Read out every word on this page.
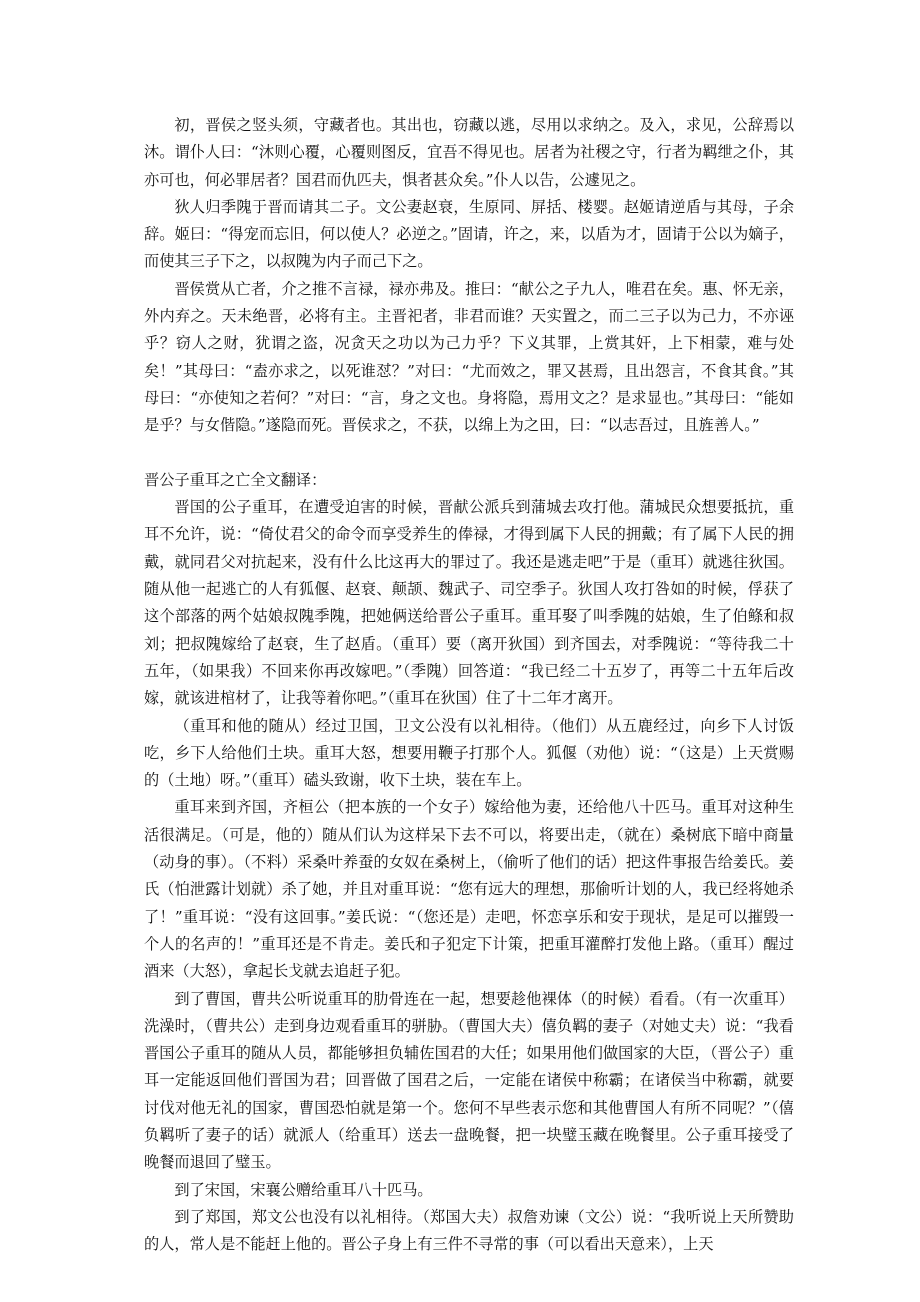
初，晋侯之竖头须，守藏者也。其出也，窃藏以逃，尽用以求纳之。及入，求见，公辞焉以沐。谓仆人曰：“沐则心覆，心覆则图反，宜吾不得见也。居者为社稷之守，行者为羁绁之仆，其亦可也，何必罪居者？国君而仇匹夫，惧者甚众矣。”仆人以告，公遽见之。

狄人归季隗于晋而请其二子。文公妻赵衰，生原同、屏括、楼婴。赵姬请逆盾与其母，子余辞。姬曰：“得宠而忘旧，何以使人？必逆之。”固请，许之，来，以盾为才，固请于公以为嫡子，而使其三子下之，以叔隗为内子而己下之。

晋侯赏从亡者，介之推不言禄，禄亦弗及。推曰：“献公之子九人，唯君在矣。惠、怀无亲，外内弃之。天未绝晋，必将有主。主晋祀者，非君而谁？天实置之，而二三子以为己力，不亦诬乎？窃人之财，犹谓之盗，况贪天之功以为己力乎？下义其罪，上赏其奸，上下相蒙，难与处矣！”其母曰：“盍亦求之，以死谁怼？”对曰：“尤而效之，罪又甚焉，且出怨言，不食其食。”其母曰：“亦使知之若何？”对曰：“言，身之文也。身将隐，焉用文之？是求显也。”其母曰：“能如是乎？与女偕隐。”遂隐而死。晋侯求之，不获，以绵上为之田，曰：“以志吾过，且旌善人。”

晋公子重耳之亡全文翻译：

晋国的公子重耳，在遭受迫害的时候，晋献公派兵到蒲城去攻打他。蒲城民众想要抵抗，重耳不允许，说：“倚仗君父的命令而享受养生的俸禄，才得到属下人民的拥戴；有了属下人民的拥戴，就同君父对抗起来，没有什么比这再大的罪过了。我还是逃走吧”于是（重耳）就逃往狄国。随从他一起逃亡的人有狐偃、赵衰、颠颉、魏武子、司空季子。狄国人攻打咎如的时候，俘获了这个部落的两个姑娘叔隗季隗，把她俩送给晋公子重耳。重耳娶了叫季隗的姑娘，生了伯鲦和叔刘；把叔隗嫁给了赵衰，生了赵盾。（重耳）要（离开狄国）到齐国去，对季隗说：“等待我二十五年，（如果我）不回来你再改嫁吧。”（季隗）回答道：“我已经二十五岁了，再等二十五年后改嫁，就该进棺材了，让我等着你吧。”（重耳在狄国）住了十二年才离开。

（重耳和他的随从）经过卫国，卫文公没有以礼相待。（他们）从五鹿经过，向乡下人讨饭吃，乡下人给他们土块。重耳大怒，想要用鞭子打那个人。狐偃（劝他）说：“（这是）上天赏赐的（土地）呀。”（重耳）磕头致谢，收下土块，装在车上。

重耳来到齐国，齐桓公（把本族的一个女子）嫁给他为妻，还给他八十匹马。重耳对这种生活很满足。（可是，他的）随从们认为这样呆下去不可以，将要出走，（就在）桑树底下暗中商量（动身的事）。（不料）采桑叶养蚕的女奴在桑树上，（偷听了他们的话）把这件事报告给姜氏。姜氏（怕泄露计划就）杀了她，并且对重耳说：“您有远大的理想，那偷听计划的人，我已经将她杀了！”重耳说：“没有这回事。”姜氏说：“（您还是）走吧，怀恋享乐和安于现状，是足可以摧毁一个人的名声的！”重耳还是不肯走。姜氏和子犯定下计策，把重耳灌醉打发他上路。（重耳）醒过酒来（大怒），拿起长戈就去追赶子犯。

到了曹国，曹共公听说重耳的肋骨连在一起，想要趁他裸体（的时候）看看。（有一次重耳）洗澡时，（曹共公）走到身边观看重耳的骈胁。（曹国大夫）僖负羁的妻子（对她丈夫）说：“我看晋国公子重耳的随从人员，都能够担负辅佐国君的大任；如果用他们做国家的大臣，（晋公子）重耳一定能返回他们晋国为君；回晋做了国君之后，一定能在诸侯中称霸；在诸侯当中称霸，就要讨伐对他无礼的国家，曹国恐怕就是第一个。您何不早些表示您和其他曹国人有所不同呢？”（僖负羁听了妻子的话）就派人（给重耳）送去一盘晚餐，把一块璧玉藏在晚餐里。公子重耳接受了晚餐而退回了璧玉。

到了宋国，宋襄公赠给重耳八十匹马。

到了郑国，郑文公也没有以礼相待。（郑国大夫）叔詹劝谏（文公）说：“我听说上天所赞助的人，常人是不能赶上他的。晋公子身上有三件不寻常的事（可以看出天意来），上天
